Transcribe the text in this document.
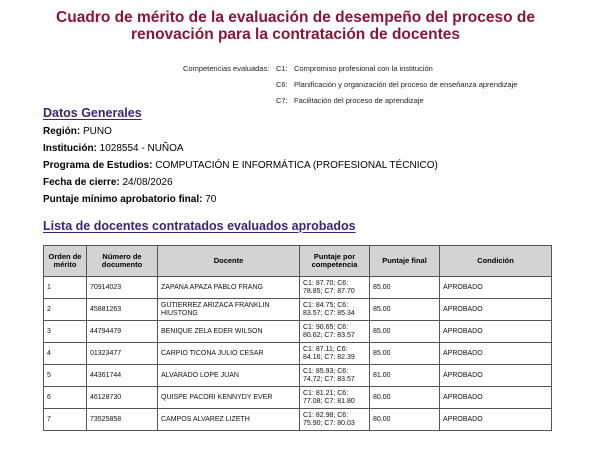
Cuadro de mérito de la evaluación de desempeño del proceso de renovación para la contratación de docentes
Competencias evaluadas: C1: Compromiso profesional con la institución
C6: Planificación y organización del proceso de enseñanza aprendizaje
C7: Facilitación del proceso de aprendizaje
Datos Generales
Región: PUNO
Institución: 1028554 - NUÑOA
Programa de Estudios: COMPUTACIÓN E INFORMÁTICA (PROFESIONAL TÉCNICO)
Fecha de cierre: 24/08/2026
Puntaje mínimo aprobatorio final: 70
Lista de docentes contratados evaluados aprobados
Orden de mérito	Número de documento	Docente	Puntaje por competencia	Puntaje final	Condición
1	70914023	ZAPANA APAZA PABLO FRANG	C1: 87.70; C6: 78.85; C7: 87.70	85.00	APROBADO
2	45881263	GUTIERREZ ARIZACA FRANKLIN HIUSTONG	C1: 84.75; C6: 83.57; C7: 85.34	85.00	APROBADO
3	44794479	BENIQUE ZELA EDER WILSON	C1: 90.65; C6: 80.62; C7: 83.57	85.00	APROBADO
4	01323477	CARPIO TICONA JULIO CESAR	C1: 87.11; C6: 84.16; C7: 82.39	85.00	APROBADO
5	44361744	ALVARADO LOPE JUAN	C1: 85.93; C6: 74.72; C7: 83.57	81.00	APROBADO
6	46128730	QUISPE PACORI KENNYDY EVER	C1: 81.21; C6: 77.08; C7: 81.80	80.00	APROBADO
7	73525858	CAMPOS ALVAREZ LIZETH	C1: 82.98; C6: 75.90; C7: 80.03	80.00	APROBADO
